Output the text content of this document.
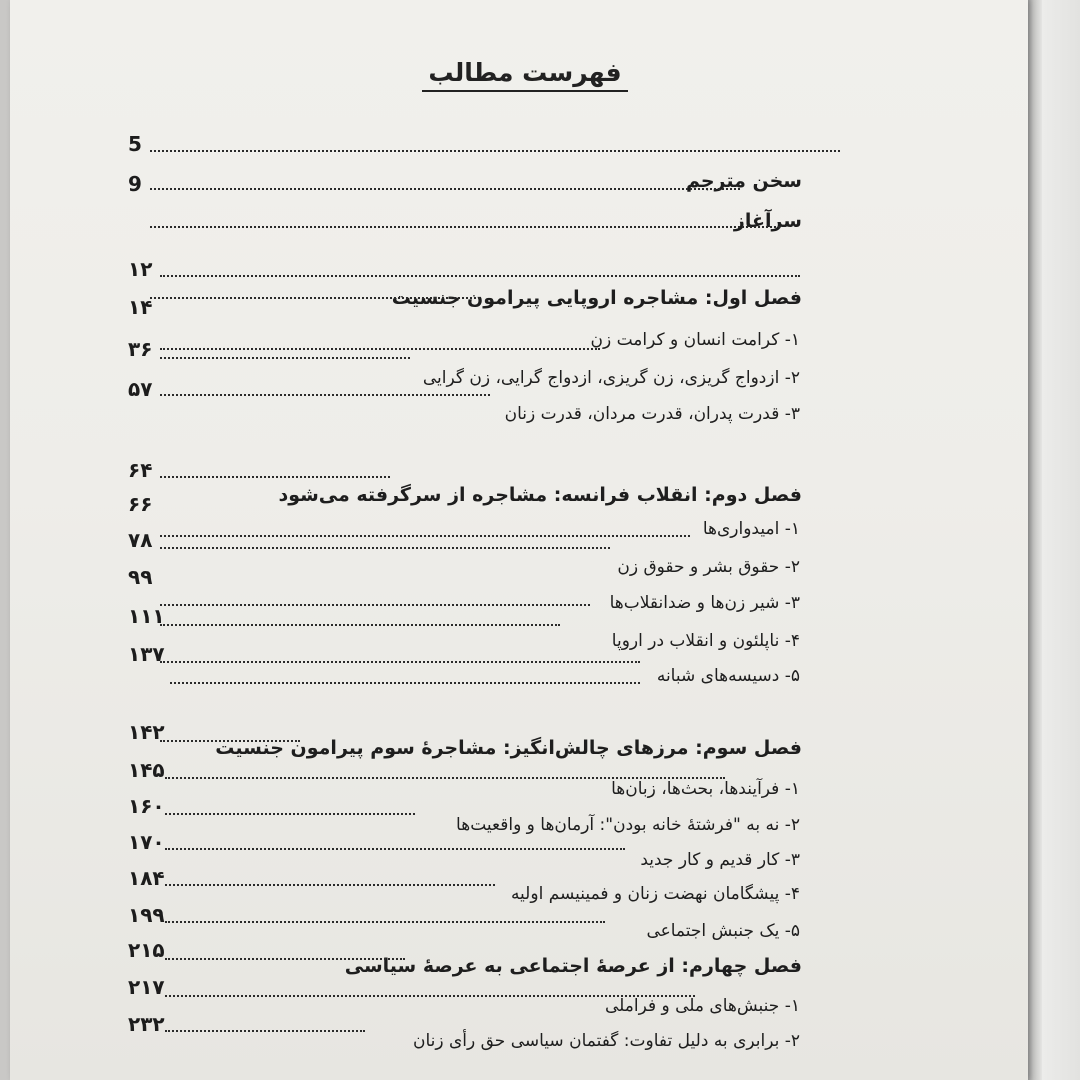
فهرست مطالب
5
سخن مترجم
9
سرآغاز
۱۲
فصل اول: مشاجره اروپایی پیرامون جنسیت
۱۴
۱- کرامت انسان و کرامت زن
۳۶
۲- ازدواج گریزی، زن گریزی، ازدواج گرایی، زن گرایی
۵۷
۳- قدرت پدران، قدرت مردان، قدرت زنان
۶۴
فصل دوم: انقلاب فرانسه: مشاجره از سرگرفته می‌شود
۶۶
۱- امیدواری‌ها
۷۸
۲- حقوق بشر و حقوق زن
۹۹
۳- شیر زن‌ها و ضدانقلاب‌ها
۱۱۱
۴- ناپلئون و انقلاب در اروپا
۱۳۷
۵- دسیسه‌های شبانه
۱۴۲
فصل سوم: مرزهای چالش‌انگیز: مشاجرۀ سوم پیرامون جنسیت
۱۴۵
۱- فرآیندها، بحث‌ها، زبان‌ها
۱۶۰
۲- نه به "فرشتۀ خانه بودن": آرمان‌ها و واقعیت‌ها
۱۷۰
۳- کار قدیم و کار جدید
۱۸۴
۴- پیشگامان نهضت زنان و فمینیسم اولیه
۱۹۹
۵- یک جنبش اجتماعی
۲۱۵
فصل چهارم: از عرصۀ اجتماعی به عرصۀ سیاسی
۲۱۷
۱- جنبش‌های ملی و فراملی
۲۳۲
۲- برابری به دلیل تفاوت: گفتمان سیاسی حق رأی زنان
